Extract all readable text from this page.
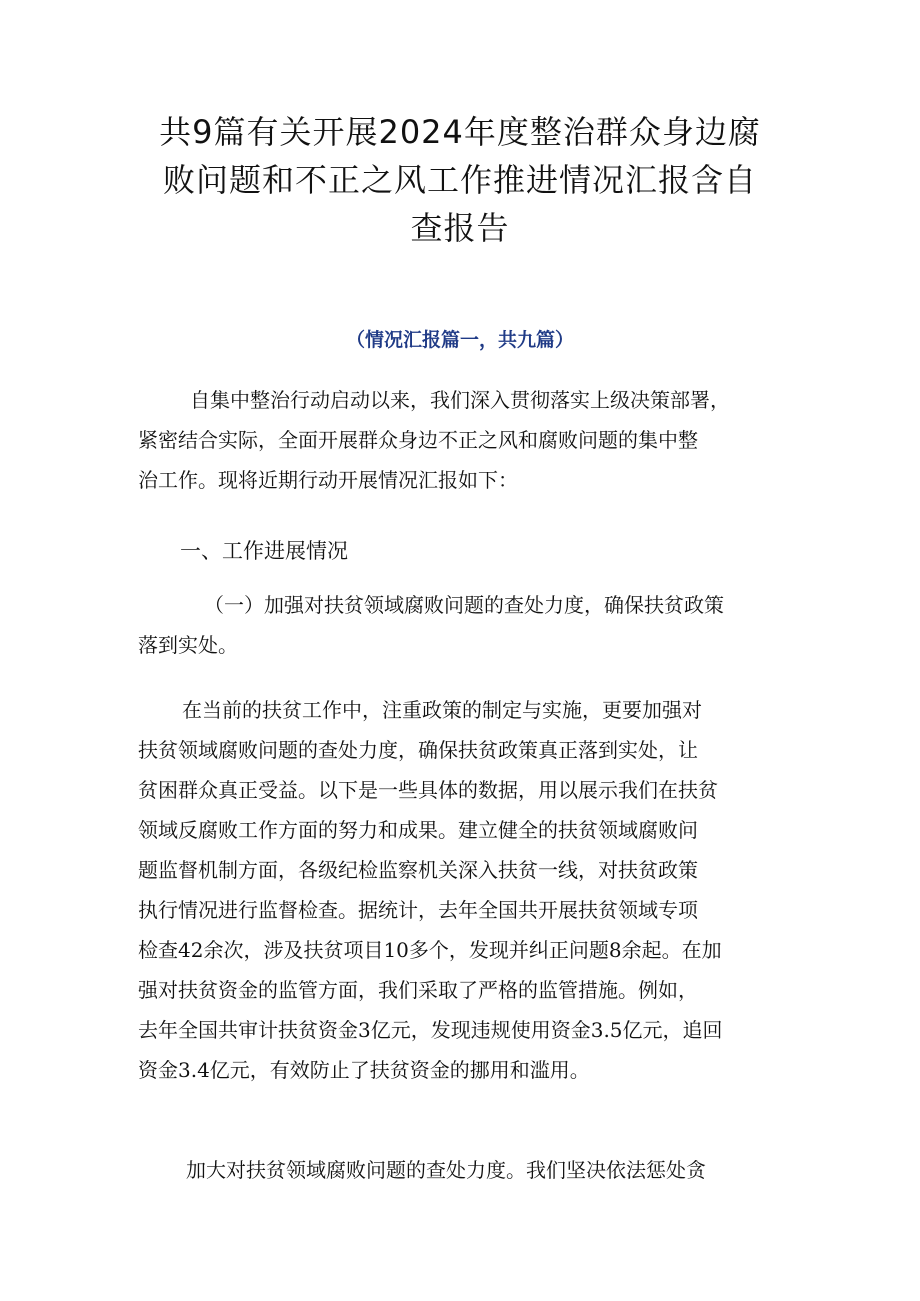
共9篇有关开展2024年度整治群众身边腐
败问题和不正之风工作推进情况汇报含自
查报告
（情况汇报篇一，共九篇）

自集中整治行动启动以来，我们深入贯彻落实上级决策部署，
紧密结合实际，全面开展群众身边不正之风和腐败问题的集中整
治工作。现将近期行动开展情况汇报如下：

一、工作进展情况

（一）加强对扶贫领域腐败问题的查处力度，确保扶贫政策
落到实处。

在当前的扶贫工作中，注重政策的制定与实施，更要加强对
扶贫领域腐败问题的查处力度，确保扶贫政策真正落到实处，让
贫困群众真正受益。以下是一些具体的数据，用以展示我们在扶贫
领域反腐败工作方面的努力和成果。建立健全的扶贫领域腐败问
题监督机制方面，各级纪检监察机关深入扶贫一线，对扶贫政策
执行情况进行监督检查。据统计，去年全国共开展扶贫领域专项
检查42余次，涉及扶贫项目10多个，发现并纠正问题8余起。在加
强对扶贫资金的监管方面，我们采取了严格的监管措施。例如，
去年全国共审计扶贫资金3亿元，发现违规使用资金3.5亿元，追回
资金3.4亿元，有效防止了扶贫资金的挪用和滥用。

加大对扶贫领域腐败问题的查处力度。我们坚决依法惩处贪
